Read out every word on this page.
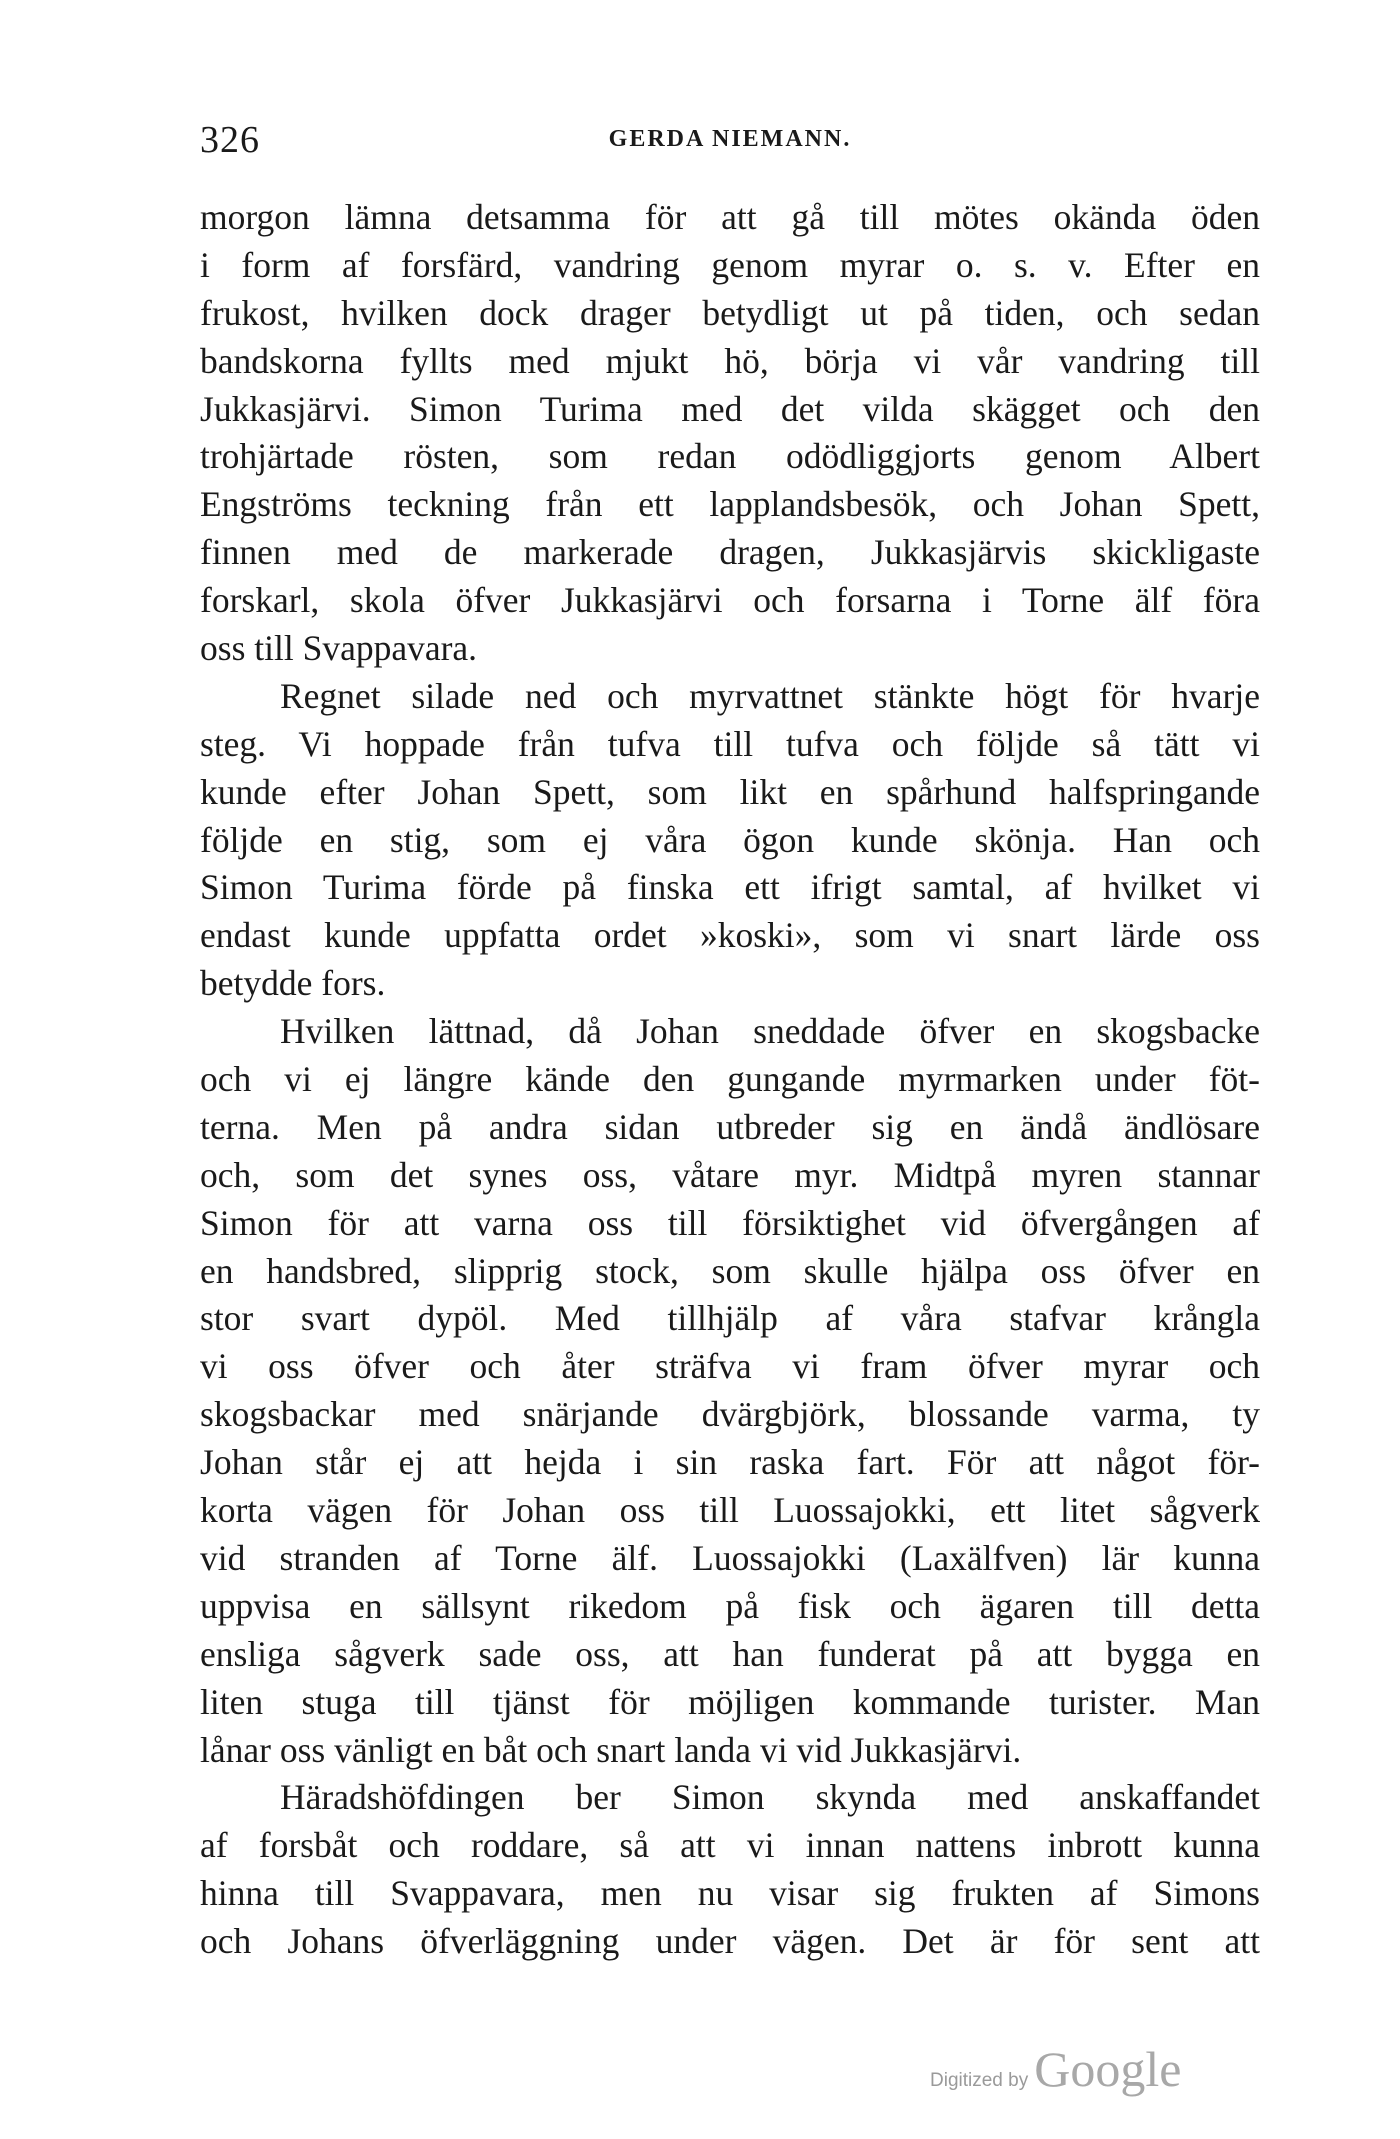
326	GERDA NIEMANN.
morgon lämna detsamma för att gå till mötes okända öden
i form af forsfärd, vandring genom myrar o. s. v. Efter en
frukost, hvilken dock drager betydligt ut på tiden, och sedan
bandskorna fyllts med mjukt hö, börja vi vår vandring till
Jukkasjärvi. Simon Turima med det vilda skägget och den
trohjärtade rösten, som redan odödliggjorts genom Albert
Engströms teckning från ett lapplandsbesök, och Johan Spett,
finnen med de markerade dragen, Jukkasjärvis skickligaste
forskarl, skola öfver Jukkasjärvi och forsarna i Torne älf föra
oss till Svappavara.
Regnet silade ned och myrvattnet stänkte högt för hvarje
steg. Vi hoppade från tufva till tufva och följde så tätt vi
kunde efter Johan Spett, som likt en spårhund halfspringande
följde en stig, som ej våra ögon kunde skönja. Han och
Simon Turima förde på finska ett ifrigt samtal, af hvilket vi
endast kunde uppfatta ordet »koski», som vi snart lärde oss
betydde fors.
Hvilken lättnad, då Johan sneddade öfver en skogsbacke
och vi ej längre kände den gungande myrmarken under föt-
terna. Men på andra sidan utbreder sig en ändå ändlösare
och, som det synes oss, våtare myr. Midtpå myren stannar
Simon för att varna oss till försiktighet vid öfvergången af
en handsbred, slipprig stock, som skulle hjälpa oss öfver en
stor svart dypöl. Med tillhjälp af våra stafvar krångla
vi oss öfver och åter sträfva vi fram öfver myrar och
skogsbackar med snärjande dvärgbjörk, blossande varma, ty
Johan står ej att hejda i sin raska fart. För att något för-
korta vägen för Johan oss till Luossajokki, ett litet sågverk
vid stranden af Torne älf. Luossajokki (Laxälfven) lär kunna
uppvisa en sällsynt rikedom på fisk och ägaren till detta
ensliga sågverk sade oss, att han funderat på att bygga en
liten stuga till tjänst för möjligen kommande turister. Man
lånar oss vänligt en båt och snart landa vi vid Jukkasjärvi.
Häradshöfdingen ber Simon skynda med anskaffandet
af forsbåt och roddare, så att vi innan nattens inbrott kunna
hinna till Svappavara, men nu visar sig frukten af Simons
och Johans öfverläggning under vägen. Det är för sent att
Digitized by Google
